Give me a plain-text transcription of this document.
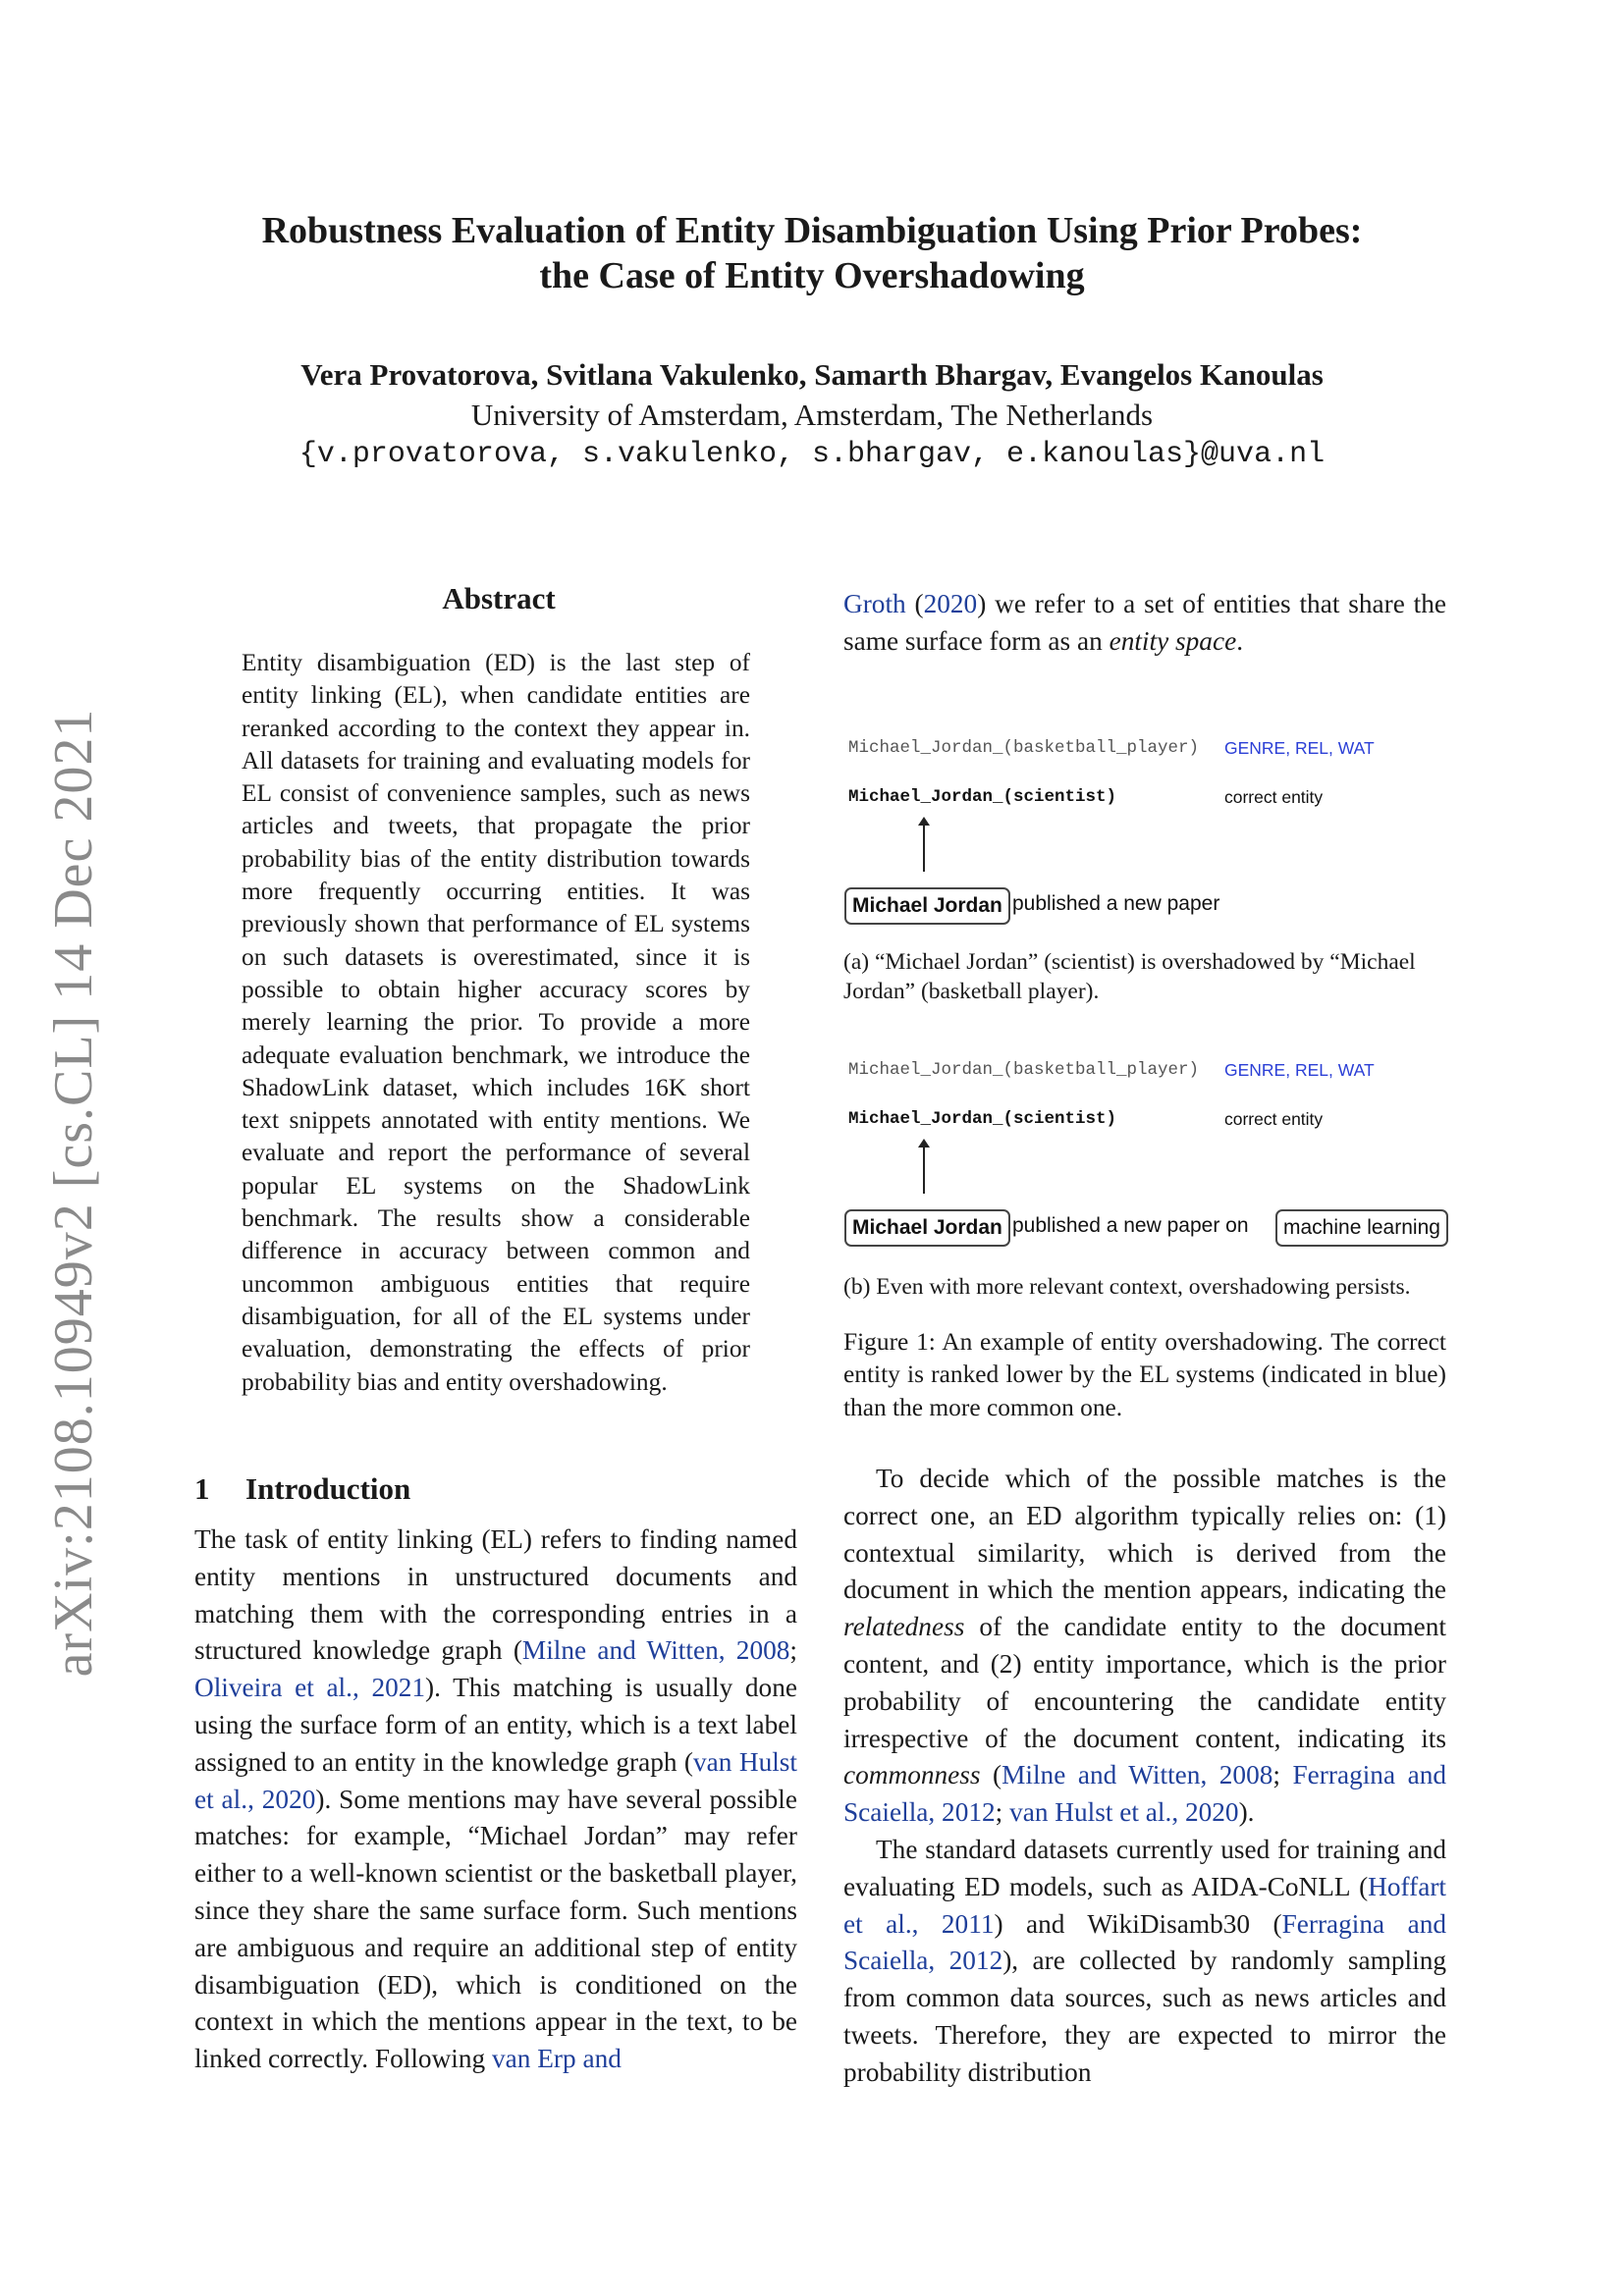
arXiv:2108.10949v2 [cs.CL] 14 Dec 2021
Robustness Evaluation of Entity Disambiguation Using Prior Probes:
the Case of Entity Overshadowing
Vera Provatorova, Svitlana Vakulenko, Samarth Bhargav, Evangelos Kanoulas
University of Amsterdam, Amsterdam, The Netherlands
{v.provatorova, s.vakulenko, s.bhargav, e.kanoulas}@uva.nl
Abstract
Entity disambiguation (ED) is the last step of entity linking (EL), when candidate entities are reranked according to the context they appear in. All datasets for training and evaluating models for EL consist of convenience samples, such as news articles and tweets, that propagate the prior probability bias of the entity distribution towards more frequently occurring entities. It was previously shown that performance of EL systems on such datasets is overestimated, since it is possible to obtain higher accuracy scores by merely learning the prior. To provide a more adequate evaluation benchmark, we introduce the ShadowLink dataset, which includes 16K short text snippets annotated with entity mentions. We evaluate and report the performance of several popular EL systems on the ShadowLink benchmark. The results show a considerable difference in accuracy between common and uncommon ambiguous entities that require disambiguation, for all of the EL systems under evaluation, demonstrating the effects of prior probability bias and entity overshadowing.
1 Introduction

The task of entity linking (EL) refers to finding named entity mentions in unstructured documents and matching them with the corresponding entries in a structured knowledge graph (Milne and Witten, 2008; Oliveira et al., 2021). This matching is usually done using the surface form of an entity, which is a text label assigned to an entity in the knowledge graph (van Hulst et al., 2020). Some mentions may have several possible matches: for example, “Michael Jordan” may refer either to a well-known scientist or the basketball player, since they share the same surface form. Such mentions are ambiguous and require an additional step of entity disambiguation (ED), which is conditioned on the context in which the mentions appear in the text, to be linked correctly. Following van Erp and

Groth (2020) we refer to a set of entities that share the same surface form as an entity space.

Michael_Jordan_(basketball_player) GENRE, REL, WAT
Michael_Jordan_(scientist)	correct entity
Michael Jordan published a new paper
(a) “Michael Jordan” (scientist) is overshadowed by “Michael Jordan” (basketball player).
Michael_Jordan_(basketball_player) GENRE, REL, WAT
Michael_Jordan_(scientist)	correct entity
Michael Jordan published a new paper on	machine learning
(b) Even with more relevant context, overshadowing persists.
Figure 1: An example of entity overshadowing. The correct entity is ranked lower by the EL systems (indicated in blue) than the more common one.

To decide which of the possible matches is the correct one, an ED algorithm typically relies on: (1) contextual similarity, which is derived from the document in which the mention appears, indicating the relatedness of the candidate entity to the document content, and (2) entity importance, which is the prior probability of encountering the candidate entity irrespective of the document content, indicating its commonness (Milne and Witten, 2008; Ferragina and Scaiella, 2012; van Hulst et al., 2020).

The standard datasets currently used for training and evaluating ED models, such as AIDA-CoNLL (Hoffart et al., 2011) and WikiDisamb30 (Ferragina and Scaiella, 2012), are collected by randomly sampling from common data sources, such as news articles and tweets. Therefore, they are expected to mirror the probability distribution
